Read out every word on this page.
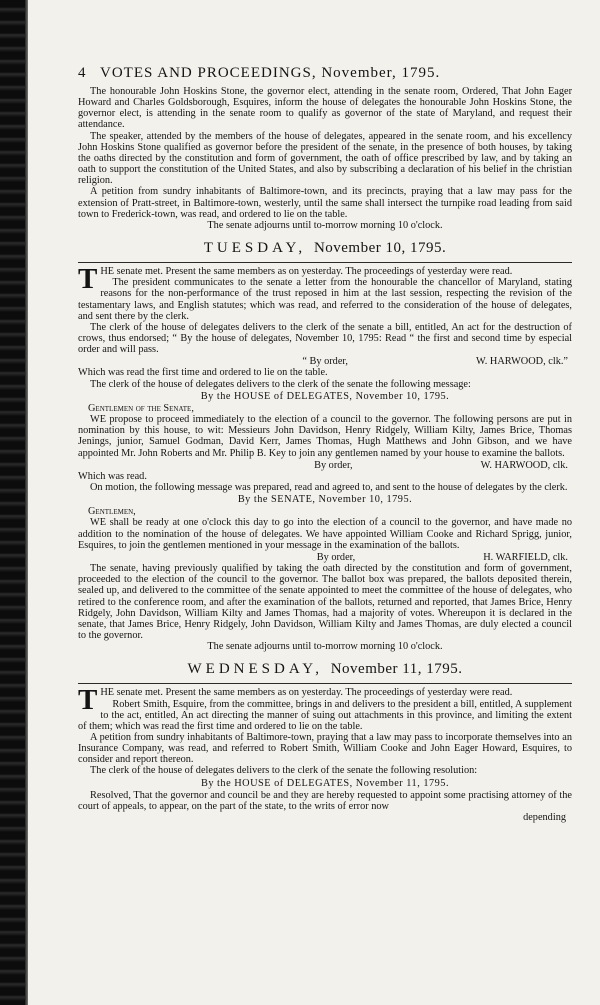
4 VOTES AND PROCEEDINGS, November, 1795.

The honourable John Hoskins Stone, the governor elect, attending in the senate room, Ordered, That John Eager Howard and Charles Goldsborough, Esquires, inform the house of delegates the honourable John Hoskins Stone, the governor elect, is attending in the senate room to qualify as governor of the state of Maryland, and request their attendance.

The speaker, attended by the members of the house of delegates, appeared in the senate room, and his excellency John Hoskins Stone qualified as governor before the president of the senate, in the presence of both houses, by taking the oaths directed by the constitution and form of government, the oath of office prescribed by law, and by taking an oath to support the constitution of the United States, and also by subscribing a declaration of his belief in the christian religion.

A petition from sundry inhabitants of Baltimore-town, and its precincts, praying that a law may pass for the extension of Pratt-street, in Baltimore-town, westerly, until the same shall intersect the turnpike road leading from said town to Frederick-town, was read, and ordered to lie on the table.

The senate adjourns until to-morrow morning 10 o'clock.

TUESDAY, November 10, 1795.

THE senate met. Present the same members as on yesterday. The proceedings of yesterday were read.

The president communicates to the senate a letter from the honourable the chancellor of Maryland, stating reasons for the non-performance of the trust reposed in him at the last session, respecting the revision of the testamentary laws, and English statutes; which was read, and referred to the consideration of the house of delegates, and sent there by the clerk.

The clerk of the house of delegates delivers to the clerk of the senate a bill, entitled, An act for the destruction of crows, thus endorsed; “ By the house of delegates, November 10, 1795: Read “ the first and second time by especial order and will pass.

“ By order,	W. HARWOOD, clk.”

Which was read the first time and ordered to lie on the table.

The clerk of the house of delegates delivers to the clerk of the senate the following message:

By the HOUSE of DELEGATES, November 10, 1795.

Gentlemen of the Senate,

WE propose to proceed immediately to the election of a council to the governor. The following persons are put in nomination by this house, to wit: Messieurs John Davidson, Henry Ridgely, William Kilty, James Brice, Thomas Jenings, junior, Samuel Godman, David Kerr, James Thomas, Hugh Matthews and John Gibson, and we have appointed Mr. John Roberts and Mr. Philip B. Key to join any gentlemen named by your house to examine the ballots.

By order,	W. HARWOOD, clk.

Which was read.

On motion, the following message was prepared, read and agreed to, and sent to the house of delegates by the clerk.

By the SENATE, November 10, 1795.

Gentlemen,

WE shall be ready at one o'clock this day to go into the election of a council to the governor, and have made no addition to the nomination of the house of delegates. We have appointed William Cooke and Richard Sprigg, junior, Esquires, to join the gentlemen mentioned in your message in the examination of the ballots.

By order,	H. WARFIELD, clk.

The senate, having previously qualified by taking the oath directed by the constitution and form of government, proceeded to the election of the council to the governor. The ballot box was prepared, the ballots deposited therein, sealed up, and delivered to the committee of the senate appointed to meet the committee of the house of delegates, who retired to the conference room, and after the examination of the ballots, returned and reported, that James Brice, Henry Ridgely, John Davidson, William Kilty and James Thomas, had a majority of votes. Whereupon it is declared in the senate, that James Brice, Henry Ridgely, John Davidson, William Kilty and James Thomas, are duly elected a council to the governor.

The senate adjourns until to-morrow morning 10 o'clock.

WEDNESDAY, November 11, 1795.

THE senate met. Present the same members as on yesterday. The proceedings of yesterday were read.

Robert Smith, Esquire, from the committee, brings in and delivers to the president a bill, entitled, A supplement to the act, entitled, An act directing the manner of suing out attachments in this province, and limiting the extent of them; which was read the first time and ordered to lie on the table.

A petition from sundry inhabitants of Baltimore-town, praying that a law may pass to incorporate themselves into an Insurance Company, was read, and referred to Robert Smith, William Cooke and John Eager Howard, Esquires, to consider and report thereon.

The clerk of the house of delegates delivers to the clerk of the senate the following resolution:

By the HOUSE of DELEGATES, November 11, 1795.

Resolved, That the governor and council be and they are hereby requested to appoint some practising attorney of the court of appeals, to appear, on the part of the state, to the writs of error now

depending
